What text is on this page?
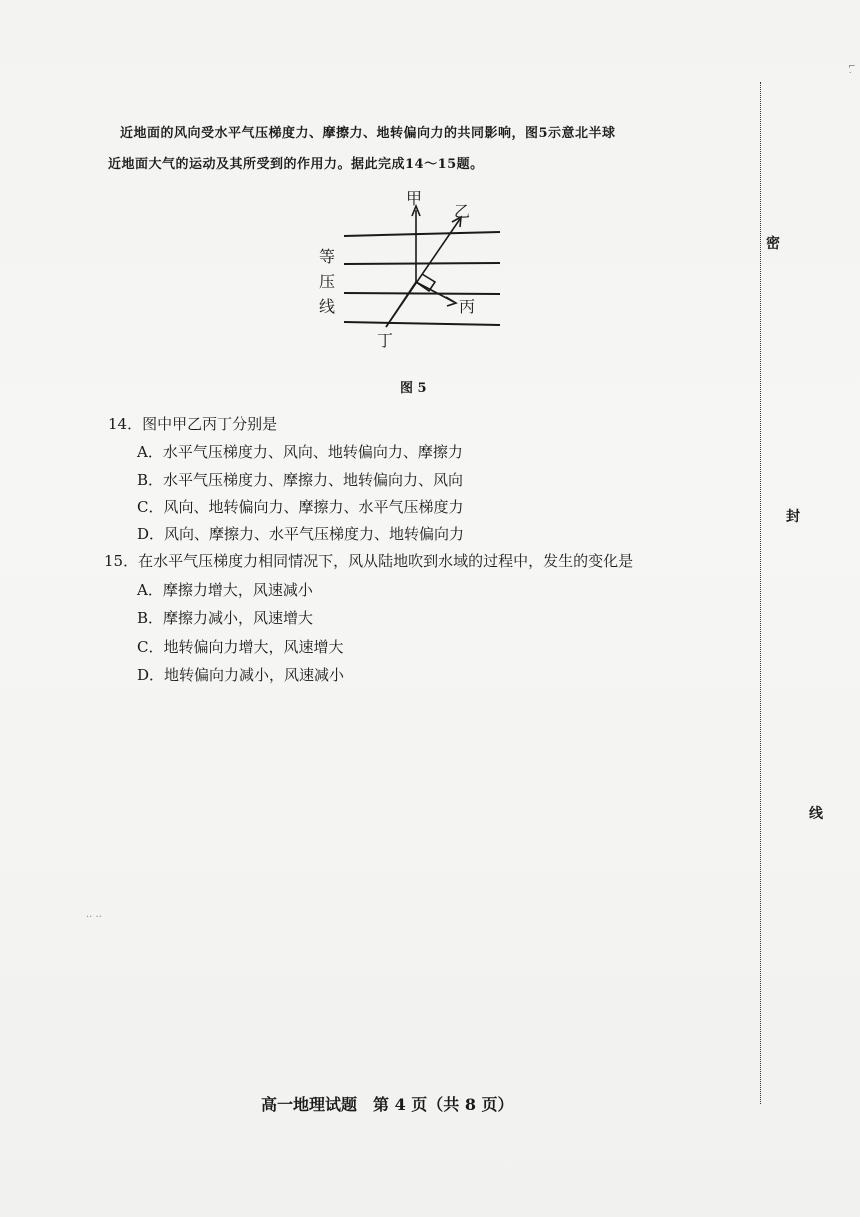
⌐
˙

近地面的风向受水平气压梯度力、摩擦力、地转偏向力的共同影响，图5示意北半球

近地面大气的运动及其所受到的作用力。据此完成14～15题。

甲
乙
丙
丁
等
压
线
图 5
14．图中甲乙丙丁分别是
A．水平气压梯度力、风向、地转偏向力、摩擦力
B．水平气压梯度力、摩擦力、地转偏向力、风向
C．风向、地转偏向力、摩擦力、水平气压梯度力
D．风向、摩擦力、水平气压梯度力、地转偏向力
15．在水平气压梯度力相同情况下，风从陆地吹到水域的过程中，发生的变化是
A．摩擦力增大，风速减小
B．摩擦力减小，风速增大
C．地转偏向力增大，风速增大
D．地转偏向力减小，风速减小
·· ··
密
封
线
高一地理试题　第 4 页（共 8 页）
